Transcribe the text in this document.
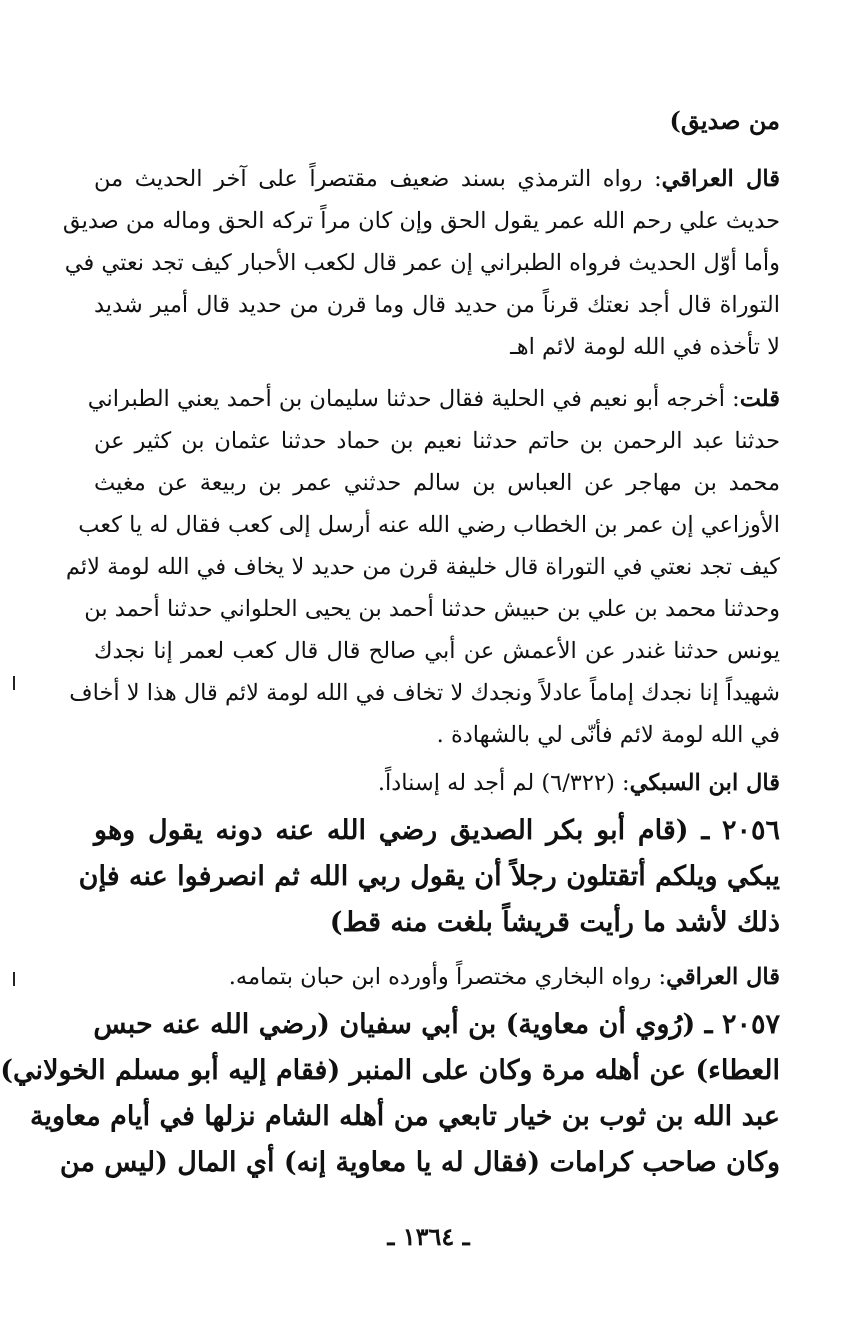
من صديق)
قال العراقي: رواه الترمذي بسند ضعيف مقتصراً على آخر الحديث من
حديث علي رحم الله عمر يقول الحق وإن كان مراً تركه الحق وماله من صديق
وأما أوّل الحديث فرواه الطبراني إن عمر قال لكعب الأحبار كيف تجد نعتي في
التوراة قال أجد نعتك قرناً من حديد قال وما قرن من حديد قال أمير شديد
لا تأخذه في الله لومة لائم اهـ
قلت: أخرجه أبو نعيم في الحلية فقال حدثنا سليمان بن أحمد يعني الطبراني
حدثنا عبد الرحمن بن حاتم حدثنا نعيم بن حماد حدثنا عثمان بن كثير عن
محمد بن مهاجر عن العباس بن سالم حدثني عمر بن ربيعة عن مغيث
الأوزاعي إن عمر بن الخطاب رضي الله عنه أرسل إلى كعب فقال له يا كعب
كيف تجد نعتي في التوراة قال خليفة قرن من حديد لا يخاف في الله لومة لائم
وحدثنا محمد بن علي بن حبيش حدثنا أحمد بن يحيى الحلواني حدثنا أحمد بن
يونس حدثنا غندر عن الأعمش عن أبي صالح قال قال كعب لعمر إنا نجدك
شهيداً إنا نجدك إماماً عادلاً ونجدك لا تخاف في الله لومة لائم قال هذا لا أخاف
في الله لومة لائم فأنّى لي بالشهادة .
قال ابن السبكي: (٦/٣٢٢) لم أجد له إسناداً.
٢٠٥٦ ـ (قام أبو بكر الصديق رضي الله عنه دونه يقول وهو
يبكي ويلكم أتقتلون رجلاً أن يقول ربي الله ثم انصرفوا عنه فإن
ذلك لأشد ما رأيت قريشاً بلغت منه قط)
قال العراقي: رواه البخاري مختصراً وأورده ابن حبان بتمامه.
٢٠٥٧ ـ (رُوي أن معاوية) بن أبي سفيان (رضي الله عنه حبس
العطاء) عن أهله مرة وكان على المنبر (فقام إليه أبو مسلم الخولاني)
عبد الله بن ثوب بن خيار تابعي من أهله الشام نزلها في أيام معاوية
وكان صاحب كرامات (فقال له يا معاوية إنه) أي المال (ليس من
ـ ١٣٦٤ ـ
